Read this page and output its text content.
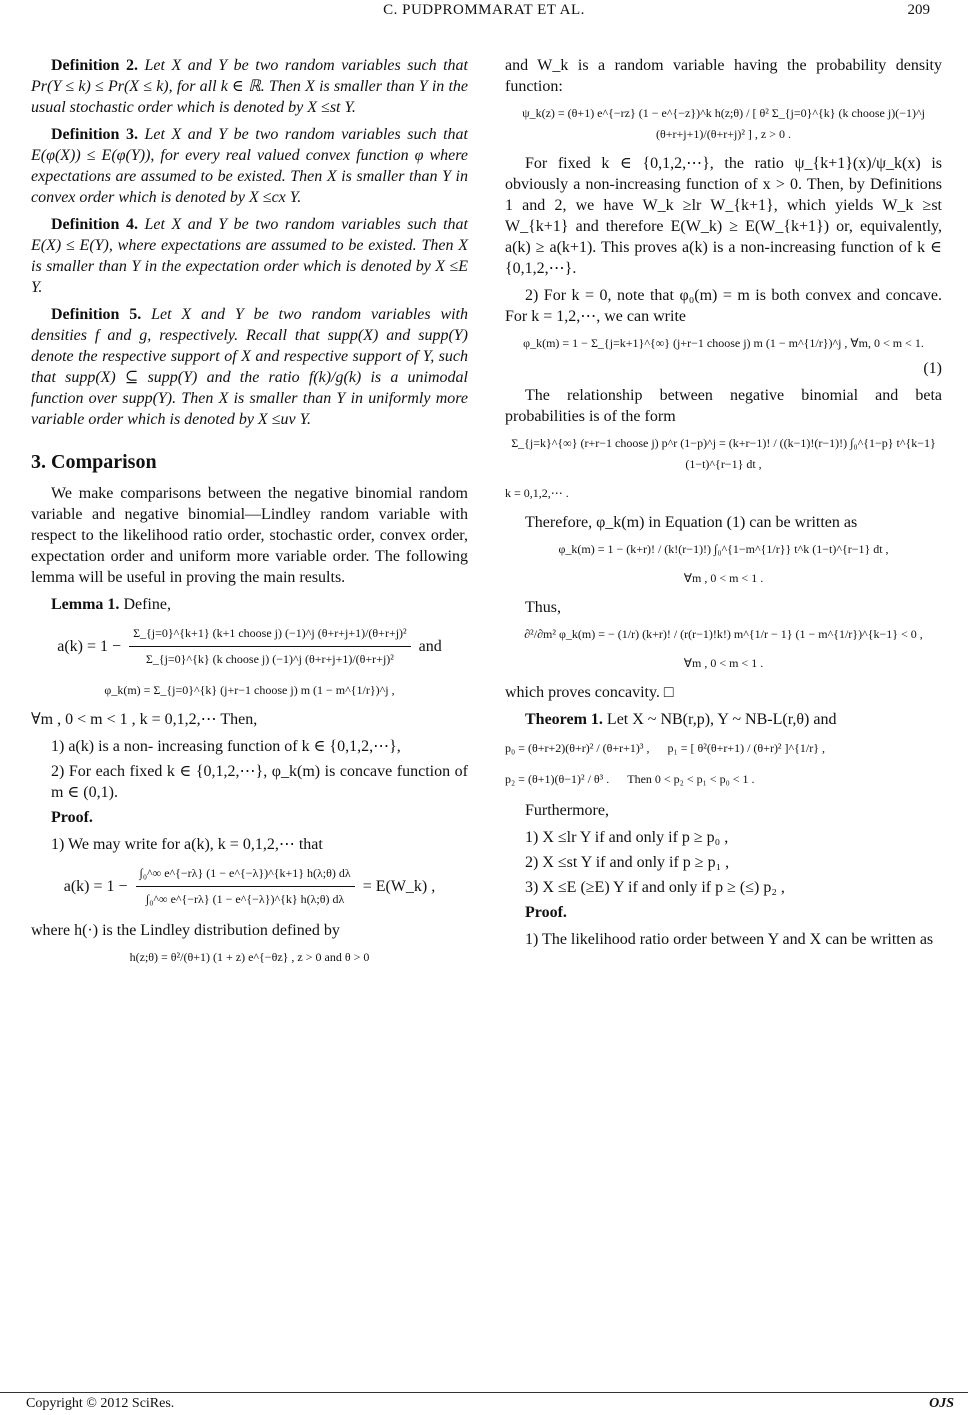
C. PUDPROMMARAT ET AL.	209

Definition 2. Let X and Y be two random variables such that Pr(Y ≤ k) ≤ Pr(X ≤ k), for all k ∈ ℝ. Then X is smaller than Y in the usual stochastic order which is denoted by X ≤st Y.

Definition 3. Let X and Y be two random variables such that E(φ(X)) ≤ E(φ(Y)), for every real valued convex function φ where expectations are assumed to be existed. Then X is smaller than Y in convex order which is denoted by X ≤cx Y.

Definition 4. Let X and Y be two random variables such that E(X) ≤ E(Y), where expectations are assumed to be existed. Then X is smaller than Y in the expectation order which is denoted by X ≤E Y.

Definition 5. Let X and Y be two random variables with densities f and g, respectively. Recall that supp(X) and supp(Y) denote the respective support of X and respective support of Y, such that supp(X) ⊆ supp(Y) and the ratio f(k)/g(k) is a unimodal function over supp(Y). Then X is smaller than Y in uniformly more variable order which is denoted by X ≤uv Y.

3. Comparison

We make comparisons between the negative binomial random variable and negative binomial—Lindley random variable with respect to the likelihood ratio order, stochastic order, convex order, expectation order and uniform more variable order. The following lemma will be useful in proving the main results.

Lemma 1. Define,

$a(k) = 1 - \frac{\text{Σ\_\{j=0\}\textasciicircum{}\{k+1\} (k+1 choose j) (−1)\textasciicircum{}j (θ+r+j+1)/(θ+r+j)²}}{\text{Σ\_\{j=0\}\textasciicircum{}\{k\} (k choose j) (−1)\textasciicircum{}j (θ+r+j+1)/(θ+r+j)²}}$ and
φ_k(m) = Σ_{j=0}^{k} (j+r−1 choose j) m (1 − m^{1/r})^j ,

∀m , 0 < m < 1 , k = 0,1,2,⋯ Then,

1) a(k) is a non- increasing function of k ∈ {0,1,2,⋯},
2) For each fixed k ∈ {0,1,2,⋯}, φ_k(m) is concave function of m ∈ (0,1).

Proof.

1) We may write for a(k), k = 0,1,2,⋯ that

$a(k) = 1 - \frac{\text{∫₀\textasciicircum{}∞ e\textasciicircum{}\{−rλ\} (1 − e\textasciicircum{}\{−λ\})\textasciicircum{}\{k+1\} h(λ;θ) dλ}}{\text{∫₀\textasciicircum{}∞ e\textasciicircum{}\{−rλ\} (1 − e\textasciicircum{}\{−λ\})\textasciicircum{}\{k\} h(λ;θ) dλ}}$ = E(W_k) ,

where h(·) is the Lindley distribution defined by

h(z;θ) = θ²/(θ+1) (1 + z) e^{−θz} , z > 0 and θ > 0

and W_k is a random variable having the probability density function:

ψ_k(z) = (θ+1) e^{−rz} (1 − e^{−z})^k h(z;θ) / [ θ² Σ_{j=0}^{k} (k choose j)(−1)^j (θ+r+j+1)/(θ+r+j)² ] , z > 0 .

For fixed k ∈ {0,1,2,⋯}, the ratio ψ_{k+1}(x)/ψ_k(x) is obviously a non-increasing function of x > 0. Then, by Definitions 1 and 2, we have W_k ≥lr W_{k+1}, which yields W_k ≥st W_{k+1} and therefore E(W_k) ≥ E(W_{k+1}) or, equivalently, a(k) ≥ a(k+1). This proves a(k) is a non-increasing function of k ∈ {0,1,2,⋯}.

2) For k = 0, note that φ₀(m) = m is both convex and concave. For k = 1,2,⋯, we can write

φ_k(m) = 1 − Σ_{j=k+1}^{∞} (j+r−1 choose j) m (1 − m^{1/r})^j , ∀m, 0 < m < 1.
(1)

The relationship between negative binomial and beta probabilities is of the form

Σ_{j=k}^{∞} (r+r−1 choose j) p^r (1−p)^j = (k+r−1)! / ((k−1)!(r−1)!) ∫₀^{1−p} t^{k−1} (1−t)^{r−1} dt ,
k = 0,1,2,⋯ .

Therefore, φ_k(m) in Equation (1) can be written as

φ_k(m) = 1 − (k+r)! / (k!(r−1)!) ∫₀^{1−m^{1/r}} t^k (1−t)^{r−1} dt ,
∀m , 0 < m < 1 .

Thus,

∂²/∂m² φ_k(m) = − (1/r) (k+r)! / (r(r−1)!k!) m^{1/r − 1} (1 − m^{1/r})^{k−1} < 0 ,
∀m , 0 < m < 1 .

which proves concavity. □

Theorem 1. Let X ~ NB(r,p), Y ~ NB-L(r,θ) and

p₀ = (θ+r+2)(θ+r)² / (θ+r+1)³ , p₁ = [ θ²(θ+r+1) / (θ+r)² ]^{1/r} ,
p₂ = (θ+1)(θ−1)² / θ³ . Then 0 < p₂ < p₁ < p₀ < 1 .

Furthermore,

1) X ≤lr Y if and only if p ≥ p₀ ,
2) X ≤st Y if and only if p ≥ p₁ ,
3) X ≤E (≥E) Y if and only if p ≥ (≤) p₂ ,

Proof.

1) The likelihood ratio order between Y and X can be written as

Copyright © 2012 SciRes.	OJS
